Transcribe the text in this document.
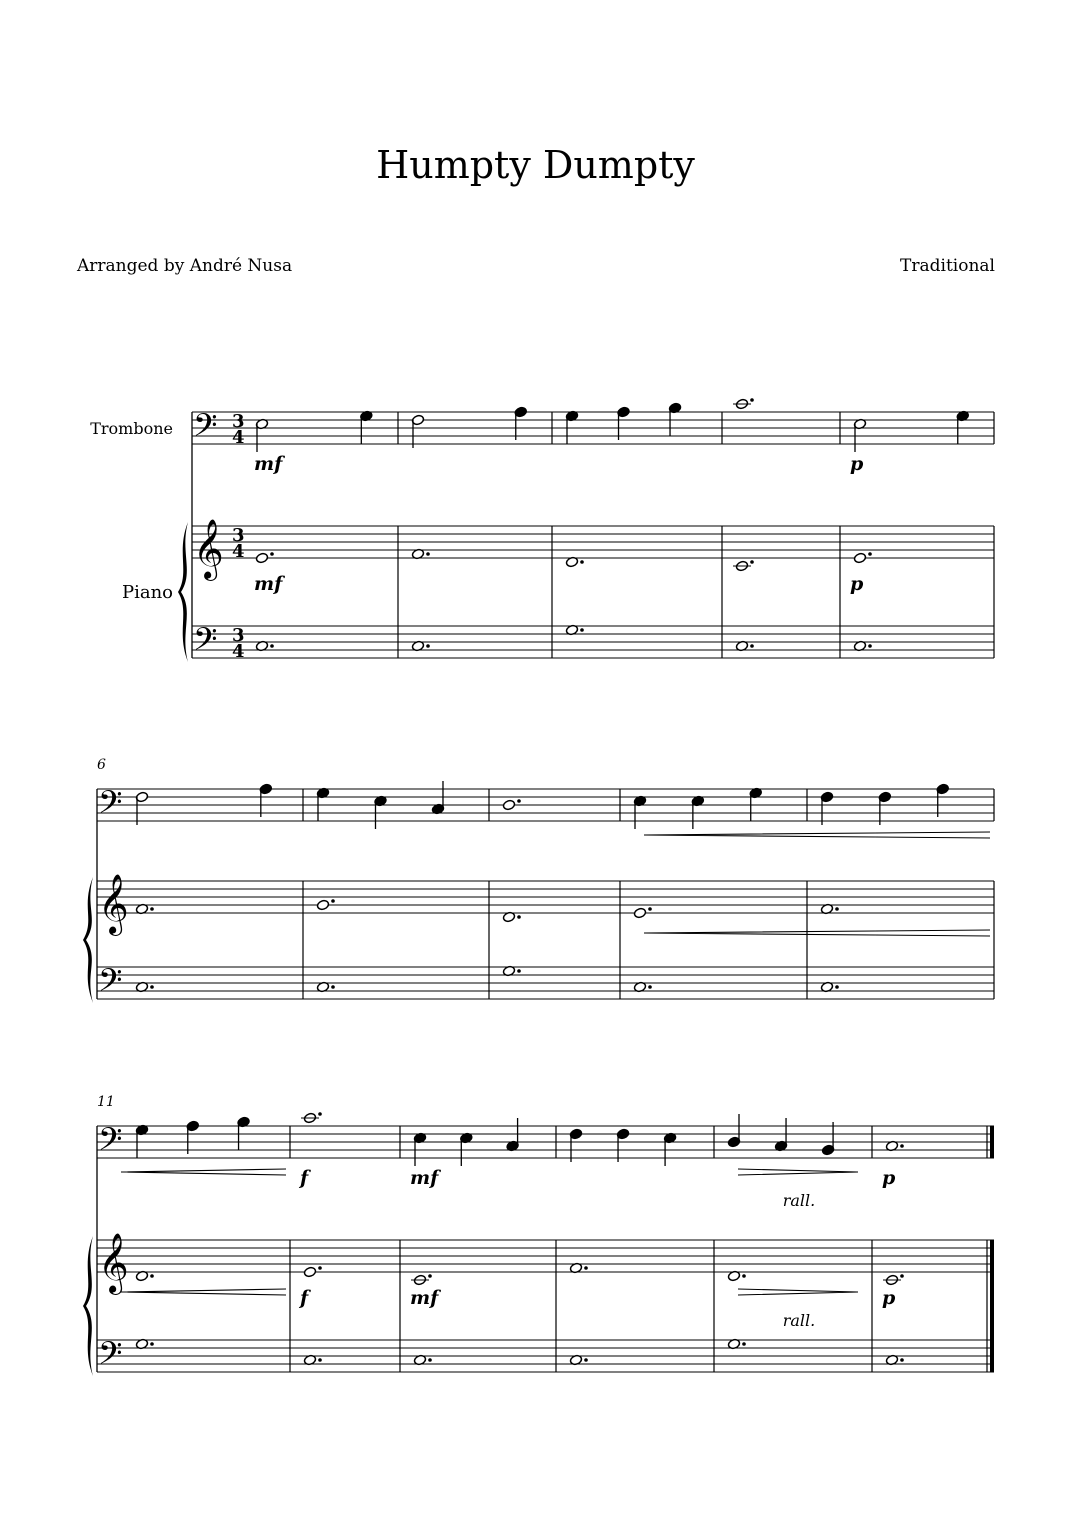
Humpty Dumpty
Arranged by André Nusa	Traditional
𝄢
𝄞
𝄢
3
4
3
4
3
4
Trombone
Piano
𝄢
𝄞
𝄢
6
𝄢
𝄞
𝄢
11
mf	p
mf	p
f	mf	p
f	mf	p
rall.
rall.
